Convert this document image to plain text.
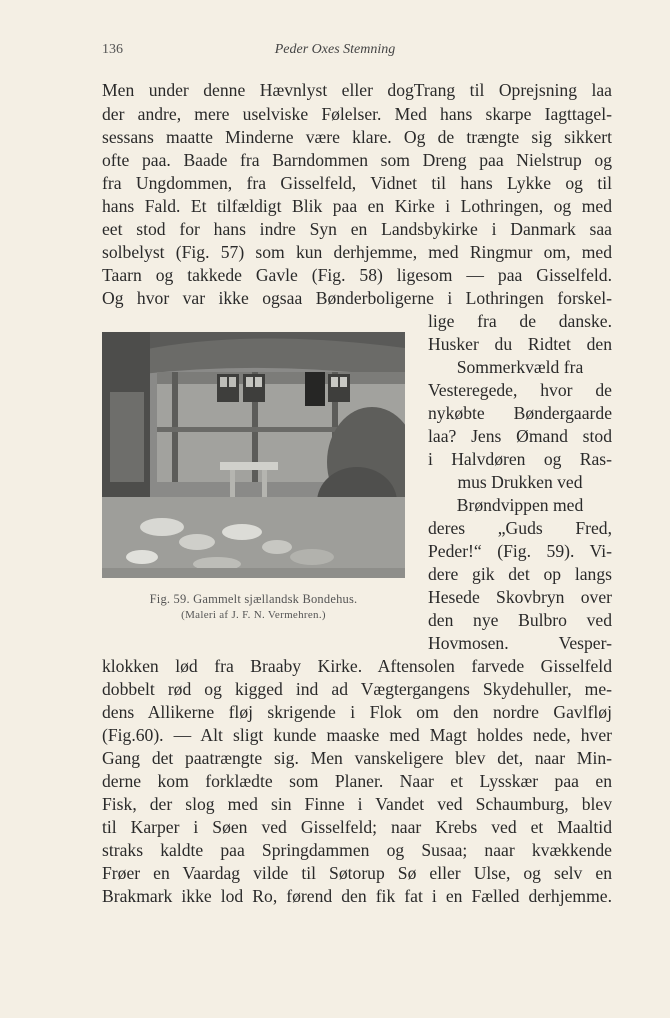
136	Peder Oxes Stemning
Men under denne Hævnlyst eller dogTrang til Oprejsning laa
der andre, mere uselviske Følelser. Med hans skarpe Iagttagel-
sessans maatte Minderne være klare. Og de trængte sig sikkert
ofte paa. Baade fra Barndommen som Dreng paa Nielstrup og
fra Ungdommen, fra Gisselfeld, Vidnet til hans Lykke og til
hans Fald. Et tilfældigt Blik paa en Kirke i Lothringen, og med
eet stod for hans indre Syn en Landsbykirke i Danmark saa
solbelyst (Fig. 57) som kun derhjemme, med Ringmur om, med
Taarn og takkede Gavle (Fig. 58) ligesom — paa Gisselfeld.
Og hvor var ikke ogsaa Bønderboligerne i Lothringen forskel-
Fig. 59. Gammelt sjællandsk Bondehus.
(Maleri af J. F. N. Vermehren.)
lige fra de danske.
Husker du Ridtet den
Sommerkvæld fra
Vesteregede, hvor de
nykøbte Bøndergaarde
laa? Jens Ømand stod
i Halvdøren og Ras-
mus Drukken ved
Brøndvippen med
deres „Guds Fred,
Peder!“ (Fig. 59). Vi-
dere gik det op langs
Hesede Skovbryn over
den nye Bulbro ved
Hovmosen. Vesper-
klokken lød fra Braaby Kirke. Aftensolen farvede Gisselfeld
dobbelt rød og kigged ind ad Vægtergangens Skydehuller, me-
dens Allikerne fløj skrigende i Flok om den nordre Gavlfløj
(Fig.60). — Alt sligt kunde maaske med Magt holdes nede, hver
Gang det paatrængte sig. Men vanskeligere blev det, naar Min-
derne kom forklædte som Planer. Naar et Lysskær paa en
Fisk, der slog med sin Finne i Vandet ved Schaumburg, blev
til Karper i Søen ved Gisselfeld; naar Krebs ved et Maaltid
straks kaldte paa Springdammen og Susaa; naar kvækkende
Frøer en Vaardag vilde til Søtorup Sø eller Ulse, og selv en
Brakmark ikke lod Ro, førend den fik fat i en Fælled derhjemme.
